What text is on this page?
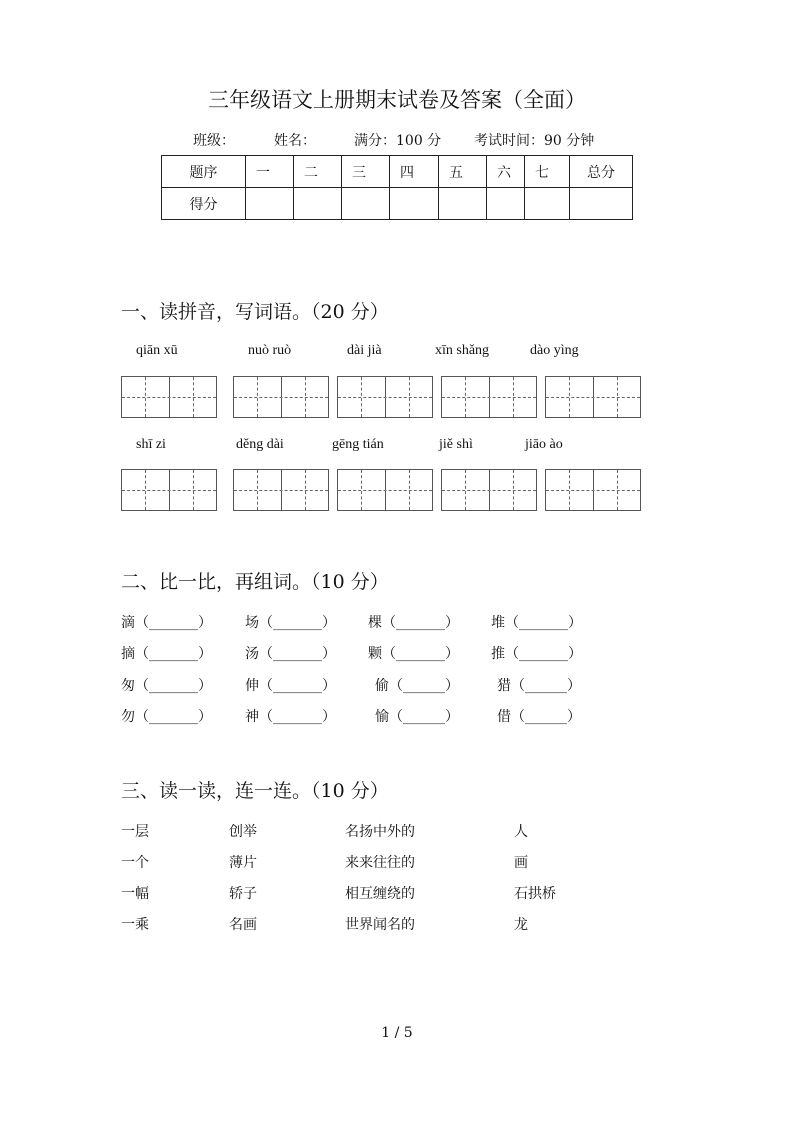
三年级语文上册期末试卷及答案（全面）
班级：	姓名：	满分：100 分 考试时间：90 分钟
题序	一	二	三	四	五	六	七	总分
得分								
一、读拼音，写词语。（20 分）
qiān xū	nuò ruò	dài jià	xīn shǎng	dào yìng
shī zi	děng dài	gēng tián	jiě shì	jiāo ào
二、比一比，再组词。（10 分）
滴（_______） 场（_______） 棵（_______） 堆（_______）
摘（_______） 汤（_______） 颗（_______） 推（_______）
匆（_______） 伸（_______）	偷（______）	猎（______）
勿（_______） 神（_______）	愉（______）	借（______）
三、读一读，连一连。（10 分）
一层	创举	名扬中外的	人
一个	薄片	来来往往的	画
一幅	轿子	相互缠绕的	石拱桥
一乘	名画	世界闻名的	龙
1 / 5
